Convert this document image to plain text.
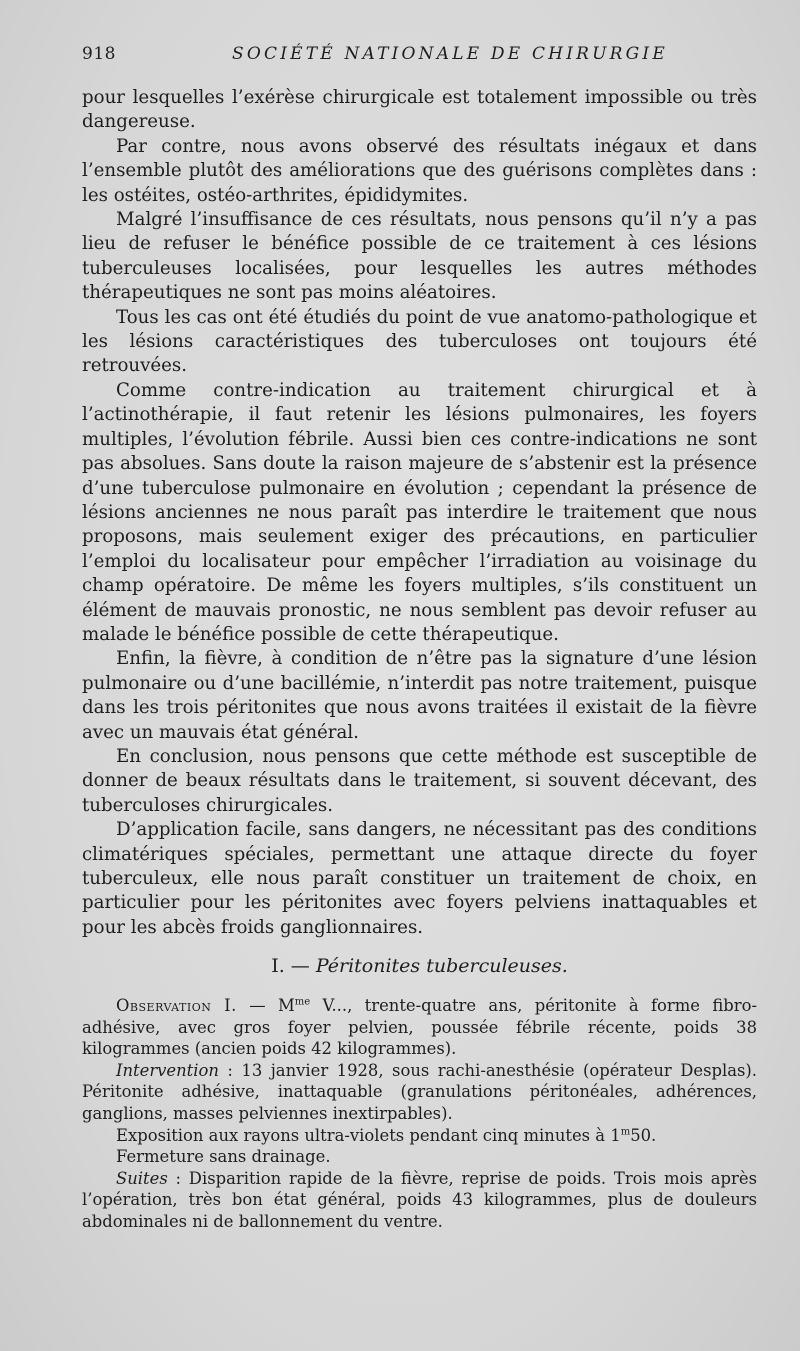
918	SOCIÉTÉ NATIONALE DE CHIRURGIE

pour lesquelles l’exérèse chirurgicale est totalement impossible ou très dangereuse.

Par contre, nous avons observé des résultats inégaux et dans l’ensemble plutôt des améliorations que des guérisons complètes dans : les ostéites, ostéo-arthrites, épididymites.

Malgré l’insuffisance de ces résultats, nous pensons qu’il n’y a pas lieu de refuser le bénéfice possible de ce traitement à ces lésions tuberculeuses localisées, pour lesquelles les autres méthodes thérapeutiques ne sont pas moins aléatoires.

Tous les cas ont été étudiés du point de vue anatomo-pathologique et les lésions caractéristiques des tuberculoses ont toujours été retrouvées.

Comme contre-indication au traitement chirurgical et à l’actinothérapie, il faut retenir les lésions pulmonaires, les foyers multiples, l’évolution fébrile. Aussi bien ces contre-indications ne sont pas absolues. Sans doute la raison majeure de s’abstenir est la présence d’une tuberculose pulmonaire en évolution ; cependant la présence de lésions anciennes ne nous paraît pas interdire le traitement que nous proposons, mais seulement exiger des précautions, en particulier l’emploi du localisateur pour empêcher l’irradiation au voisinage du champ opératoire. De même les foyers multiples, s’ils constituent un élément de mauvais pronostic, ne nous semblent pas devoir refuser au malade le bénéfice possible de cette thérapeutique.

Enfin, la fièvre, à condition de n’être pas la signature d’une lésion pulmonaire ou d’une bacillémie, n’interdit pas notre traitement, puisque dans les trois péritonites que nous avons traitées il existait de la fièvre avec un mauvais état général.

En conclusion, nous pensons que cette méthode est susceptible de donner de beaux résultats dans le traitement, si souvent décevant, des tuberculoses chirurgicales.

D’application facile, sans dangers, ne nécessitant pas des conditions climatériques spéciales, permettant une attaque directe du foyer tuberculeux, elle nous paraît constituer un traitement de choix, en particulier pour les péritonites avec foyers pelviens inattaquables et pour les abcès froids ganglionnaires.

I. — Péritonites tuberculeuses.

Observation I. — $M^{me}$ V..., trente-quatre ans, péritonite à forme fibro-adhésive, avec gros foyer pelvien, poussée fébrile récente, poids 38 kilogrammes (ancien poids 42 kilogrammes).

Intervention : 13 janvier 1928, sous rachi-anesthésie (opérateur Desplas). Péritonite adhésive, inattaquable (granulations péritonéales, adhérences, ganglions, masses pelviennes inextirpables).

Exposition aux rayons ultra-violets pendant cinq minutes à 1$^m$50.

Fermeture sans drainage.

Suites : Disparition rapide de la fièvre, reprise de poids. Trois mois après l’opération, très bon état général, poids 43 kilogrammes, plus de douleurs abdominales ni de ballonnement du ventre.
